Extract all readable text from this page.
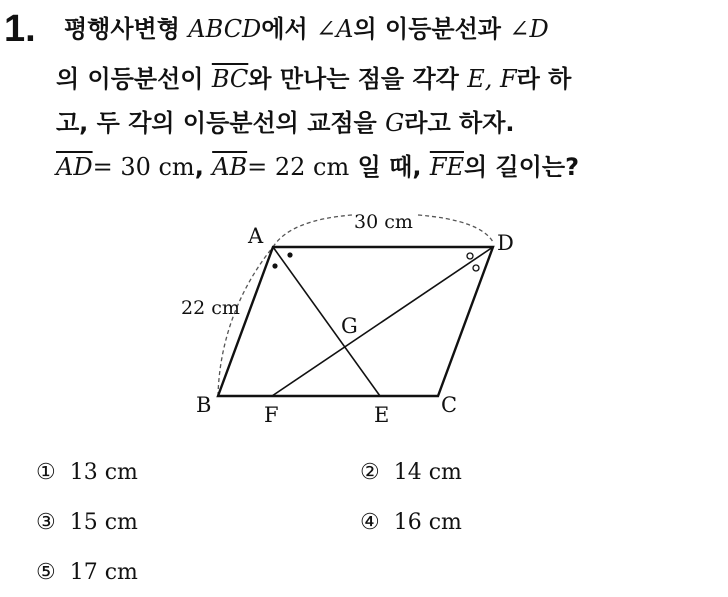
1. 평행사변형 ABCD에서 ∠A의 이등분선과 ∠D
의 이등분선이 $\overline{BC}$와 만나는 점을 각각 E, F라 하
고, 두 각의 이등분선의 교점을 G라고 하자.
$\overline{AD}= 30$ cm, $\overline{AB}= 22$ cm 일 때, $\overline{FE}$의 길이는?
A	D
B	C
F	E
G
30 cm
22 cm
① 13 cm	② 14 cm
③ 15 cm	④ 16 cm
⑤ 17 cm
